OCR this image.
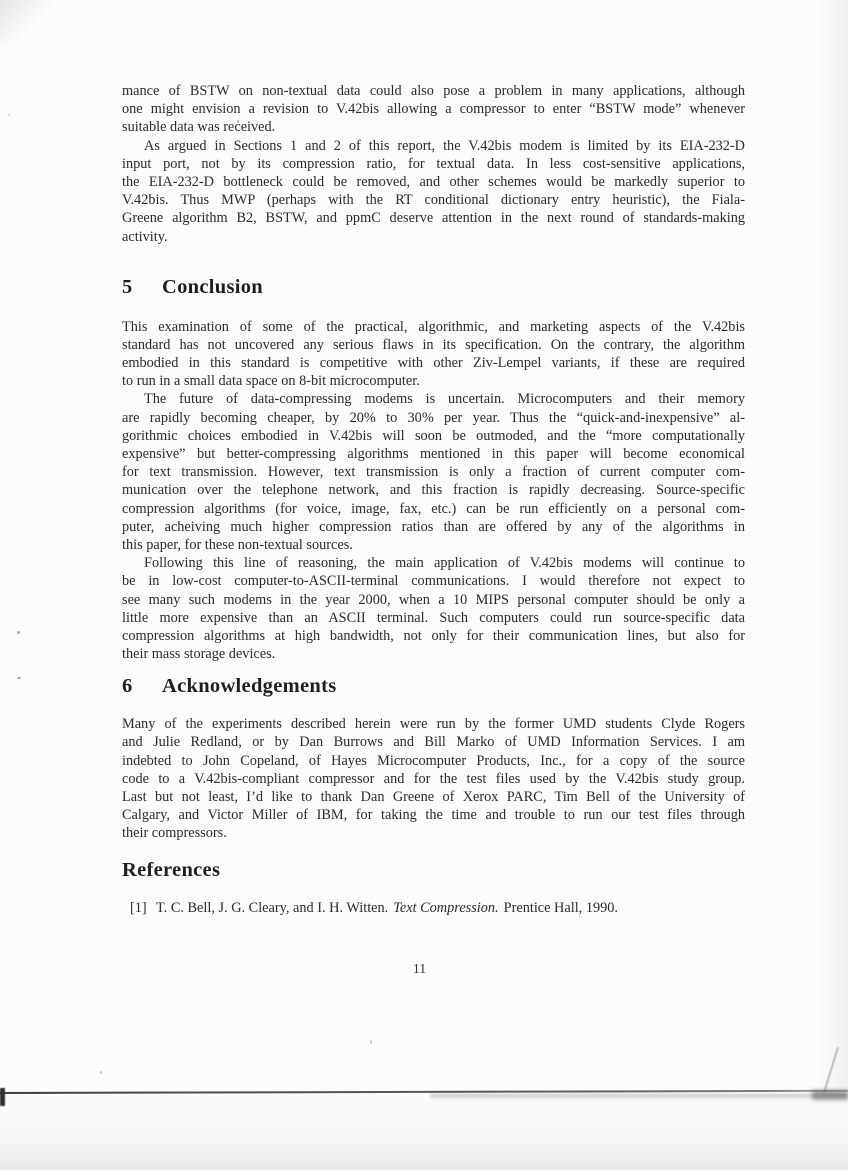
mance of BSTW on non-textual data could also pose a problem in many applications, although
one might envision a revision to V.42bis allowing a compressor to enter “BSTW mode” whenever
suitable data was received.
As argued in Sections 1 and 2 of this report, the V.42bis modem is limited by its EIA-232-D
input port, not by its compression ratio, for textual data. In less cost-sensitive applications,
the EIA-232-D bottleneck could be removed, and other schemes would be markedly superior to
V.42bis. Thus MWP (perhaps with the RT conditional dictionary entry heuristic), the Fiala-
Greene algorithm B2, BSTW, and ppmC deserve attention in the next round of standards-making
activity.
5 Conclusion
This examination of some of the practical, algorithmic, and marketing aspects of the V.42bis
standard has not uncovered any serious flaws in its specification. On the contrary, the algorithm
embodied in this standard is competitive with other Ziv-Lempel variants, if these are required
to run in a small data space on 8-bit microcomputer.
The future of data-compressing modems is uncertain. Microcomputers and their memory
are rapidly becoming cheaper, by 20% to 30% per year. Thus the “quick-and-inexpensive” al-
gorithmic choices embodied in V.42bis will soon be outmoded, and the “more computationally
expensive” but better-compressing algorithms mentioned in this paper will become economical
for text transmission. However, text transmission is only a fraction of current computer com-
munication over the telephone network, and this fraction is rapidly decreasing. Source-specific
compression algorithms (for voice, image, fax, etc.) can be run efficiently on a personal com-
puter, acheiving much higher compression ratios than are offered by any of the algorithms in
this paper, for these non-textual sources.
Following this line of reasoning, the main application of V.42bis modems will continue to
be in low-cost computer-to-ASCII-terminal communications. I would therefore not expect to
see many such modems in the year 2000, when a 10 MIPS personal computer should be only a
little more expensive than an ASCII terminal. Such computers could run source-specific data
compression algorithms at high bandwidth, not only for their communication lines, but also for
their mass storage devices.
6 Acknowledgements
Many of the experiments described herein were run by the former UMD students Clyde Rogers
and Julie Redland, or by Dan Burrows and Bill Marko of UMD Information Services. I am
indebted to John Copeland, of Hayes Microcomputer Products, Inc., for a copy of the source
code to a V.42bis-compliant compressor and for the test files used by the V.42bis study group.
Last but not least, I’d like to thank Dan Greene of Xerox PARC, Tim Bell of the University of
Calgary, and Victor Miller of IBM, for taking the time and trouble to run our test files through
their compressors.
References
[1] T. C. Bell, J. G. Cleary, and I. H. Witten. Text Compression. Prentice Hall, 1990.
11
